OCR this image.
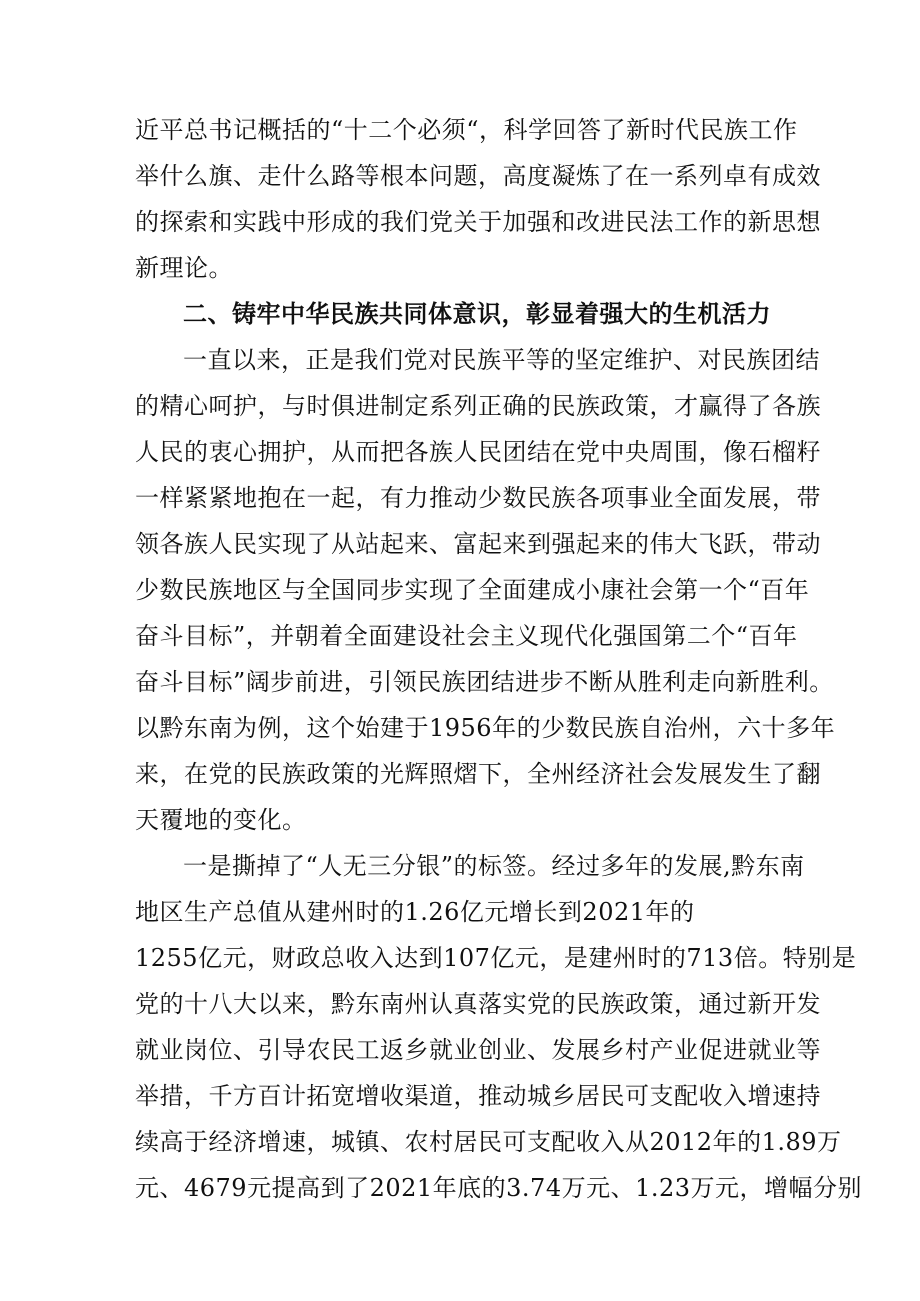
近平总书记概括的“十二个必须“，科学回答了新时代民族工作
举什么旗、走什么路等根本问题，高度凝炼了在一系列卓有成效
的探索和实践中形成的我们党关于加强和改进民法工作的新思想
新理论。
二、铸牢中华民族共同体意识，彰显着强大的生机活力
一直以来，正是我们党对民族平等的坚定维护、对民族团结
的精心呵护，与时俱进制定系列正确的民族政策，才赢得了各族
人民的衷心拥护，从而把各族人民团结在党中央周围，像石榴籽
一样紧紧地抱在一起，有力推动少数民族各项事业全面发展，带
领各族人民实现了从站起来、富起来到强起来的伟大飞跃，带动
少数民族地区与全国同步实现了全面建成小康社会第一个“百年
奋斗目标”，并朝着全面建设社会主义现代化强国第二个“百年
奋斗目标”阔步前进，引领民族团结进步不断从胜利走向新胜利。
以黔东南为例，这个始建于1956年的少数民族自治州，六十多年
来，在党的民族政策的光辉照熠下，全州经济社会发展发生了翻
天覆地的变化。
一是撕掉了“人无三分银”的标签。经过多年的发展,黔东南
地区生产总值从建州时的1.26亿元增长到2021年的
1255亿元，财政总收入达到107亿元，是建州时的713倍。特别是
党的十八大以来，黔东南州认真落实党的民族政策，通过新开发
就业岗位、引导农民工返乡就业创业、发展乡村产业促进就业等
举措，千方百计拓宽增收渠道，推动城乡居民可支配收入增速持
续高于经济增速，城镇、农村居民可支配收入从2012年的1.89万
元、4679元提高到了2021年底的3.74万元、1.23万元，增幅分别
